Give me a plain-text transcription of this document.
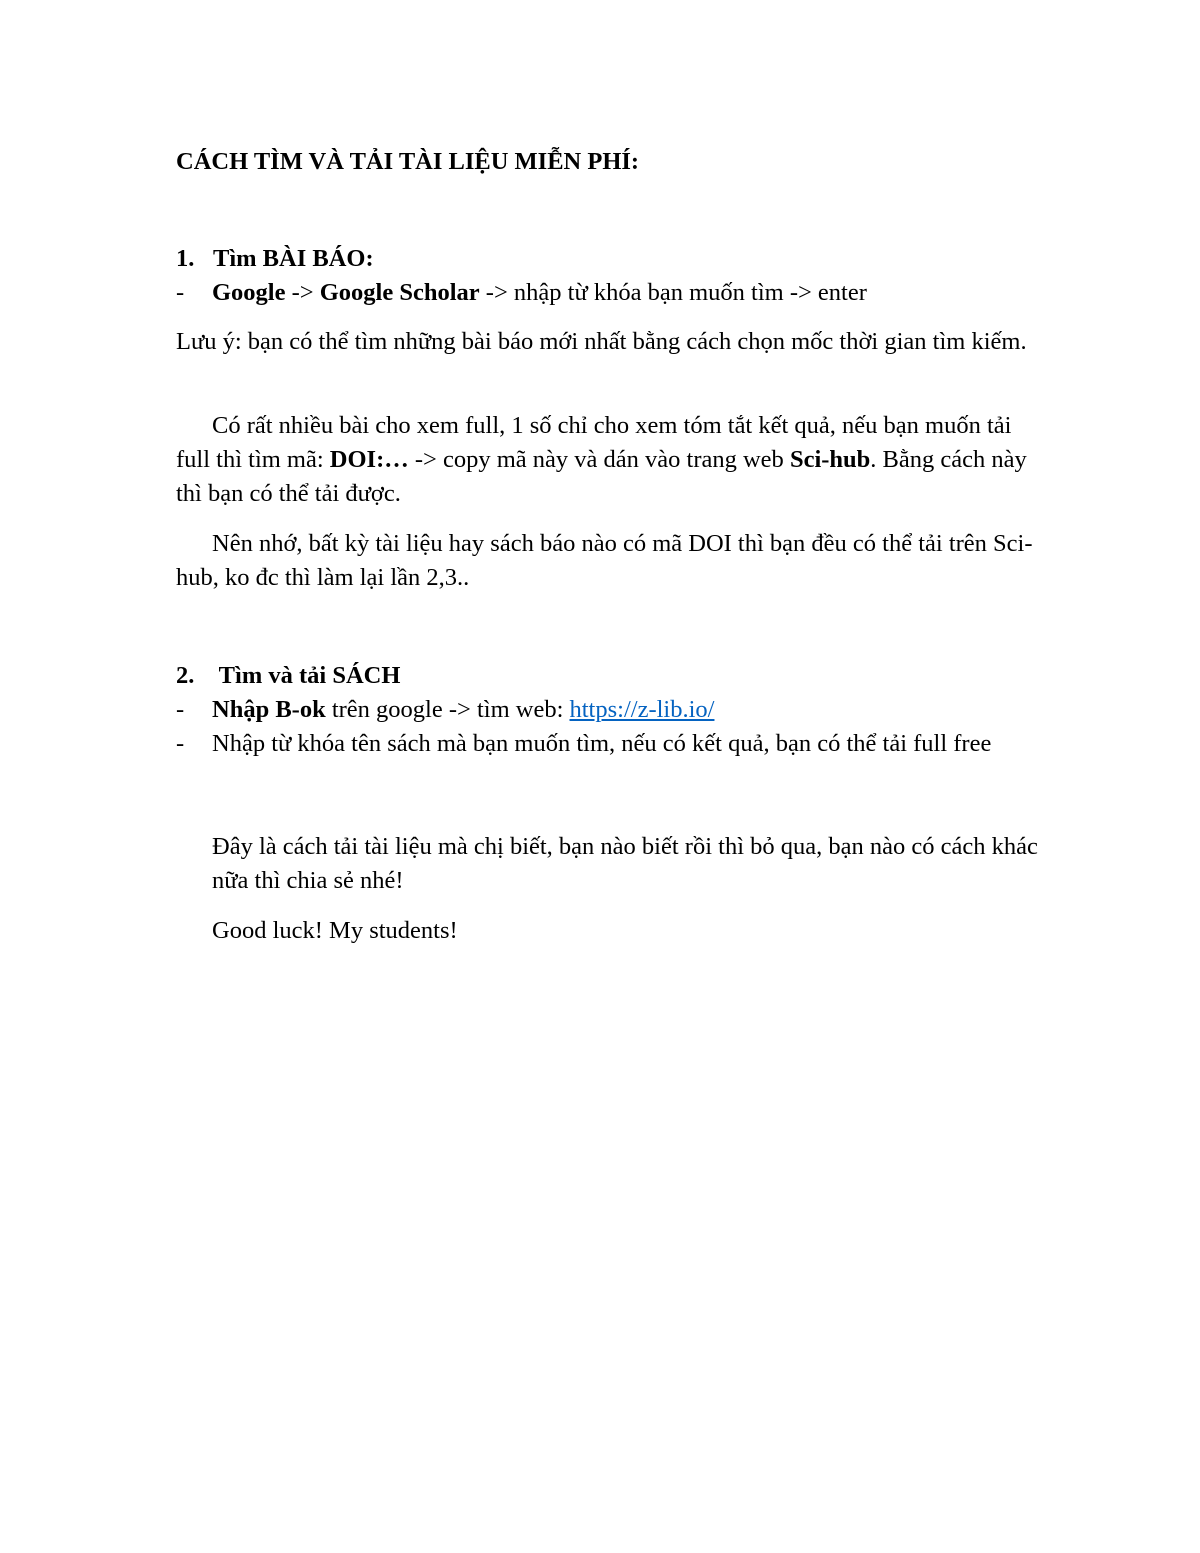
CÁCH TÌM VÀ TẢI TÀI LIỆU MIỄN PHÍ:
1. Tìm BÀI BÁO:
-	Google -> Google Scholar -> nhập từ khóa bạn muốn tìm -> enter
Lưu ý: bạn có thể tìm những bài báo mới nhất bằng cách chọn mốc thời gian tìm kiếm.
Có rất nhiều bài cho xem full, 1 số chỉ cho xem tóm tắt kết quả, nếu bạn muốn tải full thì tìm mã: DOI:… -> copy mã này và dán vào trang web Sci-hub. Bằng cách này thì bạn có thể tải được.
Nên nhớ, bất kỳ tài liệu hay sách báo nào có mã DOI thì bạn đều có thể tải trên Sci-hub, ko đc thì làm lại lần 2,3..
2. Tìm và tải SÁCH
-	Nhập B-ok trên google -> tìm web: https://z-lib.io/
-	Nhập từ khóa tên sách mà bạn muốn tìm, nếu có kết quả, bạn có thể tải full free
Đây là cách tải tài liệu mà chị biết, bạn nào biết rồi thì bỏ qua, bạn nào có cách khác nữa thì chia sẻ nhé!
Good luck! My students!
